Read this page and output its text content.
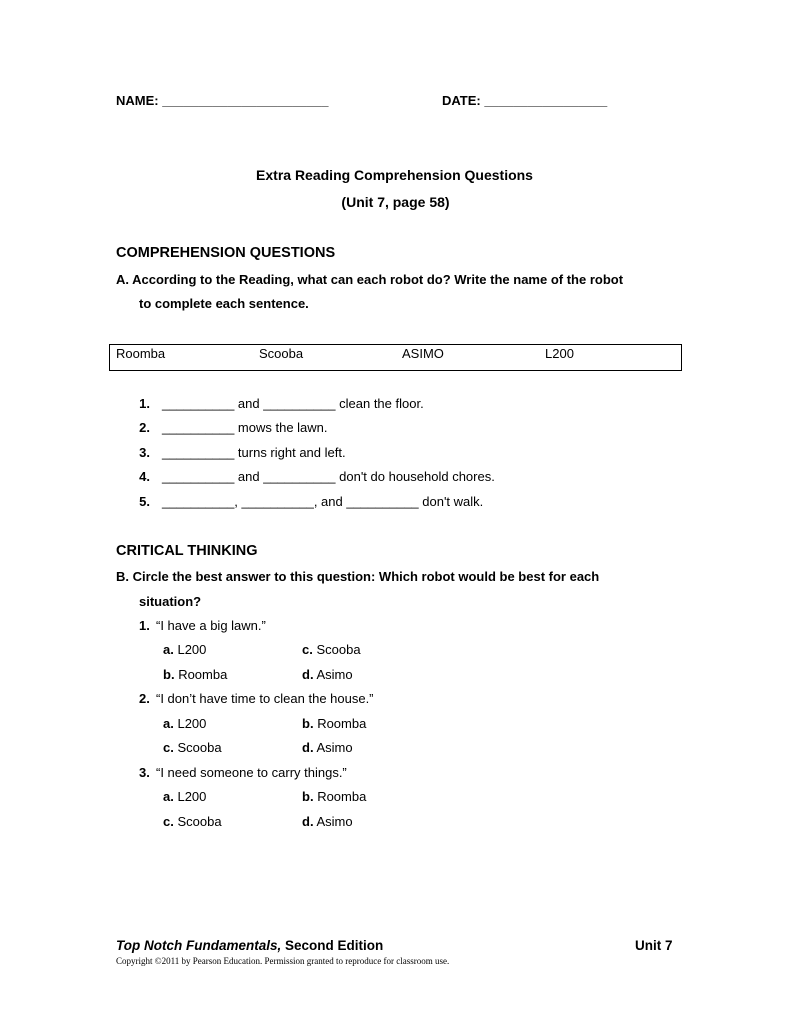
NAME: _______________________	DATE: _________________
Extra Reading Comprehension Questions
(Unit 7, page 58)
COMPREHENSION QUESTIONS
A. According to the Reading, what can each robot do? Write the name of the robot
to complete each sentence.
Roomba	Scooba	ASIMO	L200
1. __________ and __________ clean the floor.
2. __________ mows the lawn.
3. __________ turns right and left.
4. __________ and __________ don't do household chores.
5. __________, __________, and __________ don't walk.
CRITICAL THINKING
B. Circle the best answer to this question: Which robot would be best for each
situation?
1. “I have a big lawn.”
a. L200	c. Scooba
b. Roomba	d. Asimo
2. “I don’t have time to clean the house.”
a. L200	b. Roomba
c. Scooba	d. Asimo
3. “I need someone to carry things.”
a. L200	b. Roomba
c. Scooba	d. Asimo
Top Notch Fundamentals, Second Edition	Unit 7
Copyright ©2011 by Pearson Education. Permission granted to reproduce for classroom use.
